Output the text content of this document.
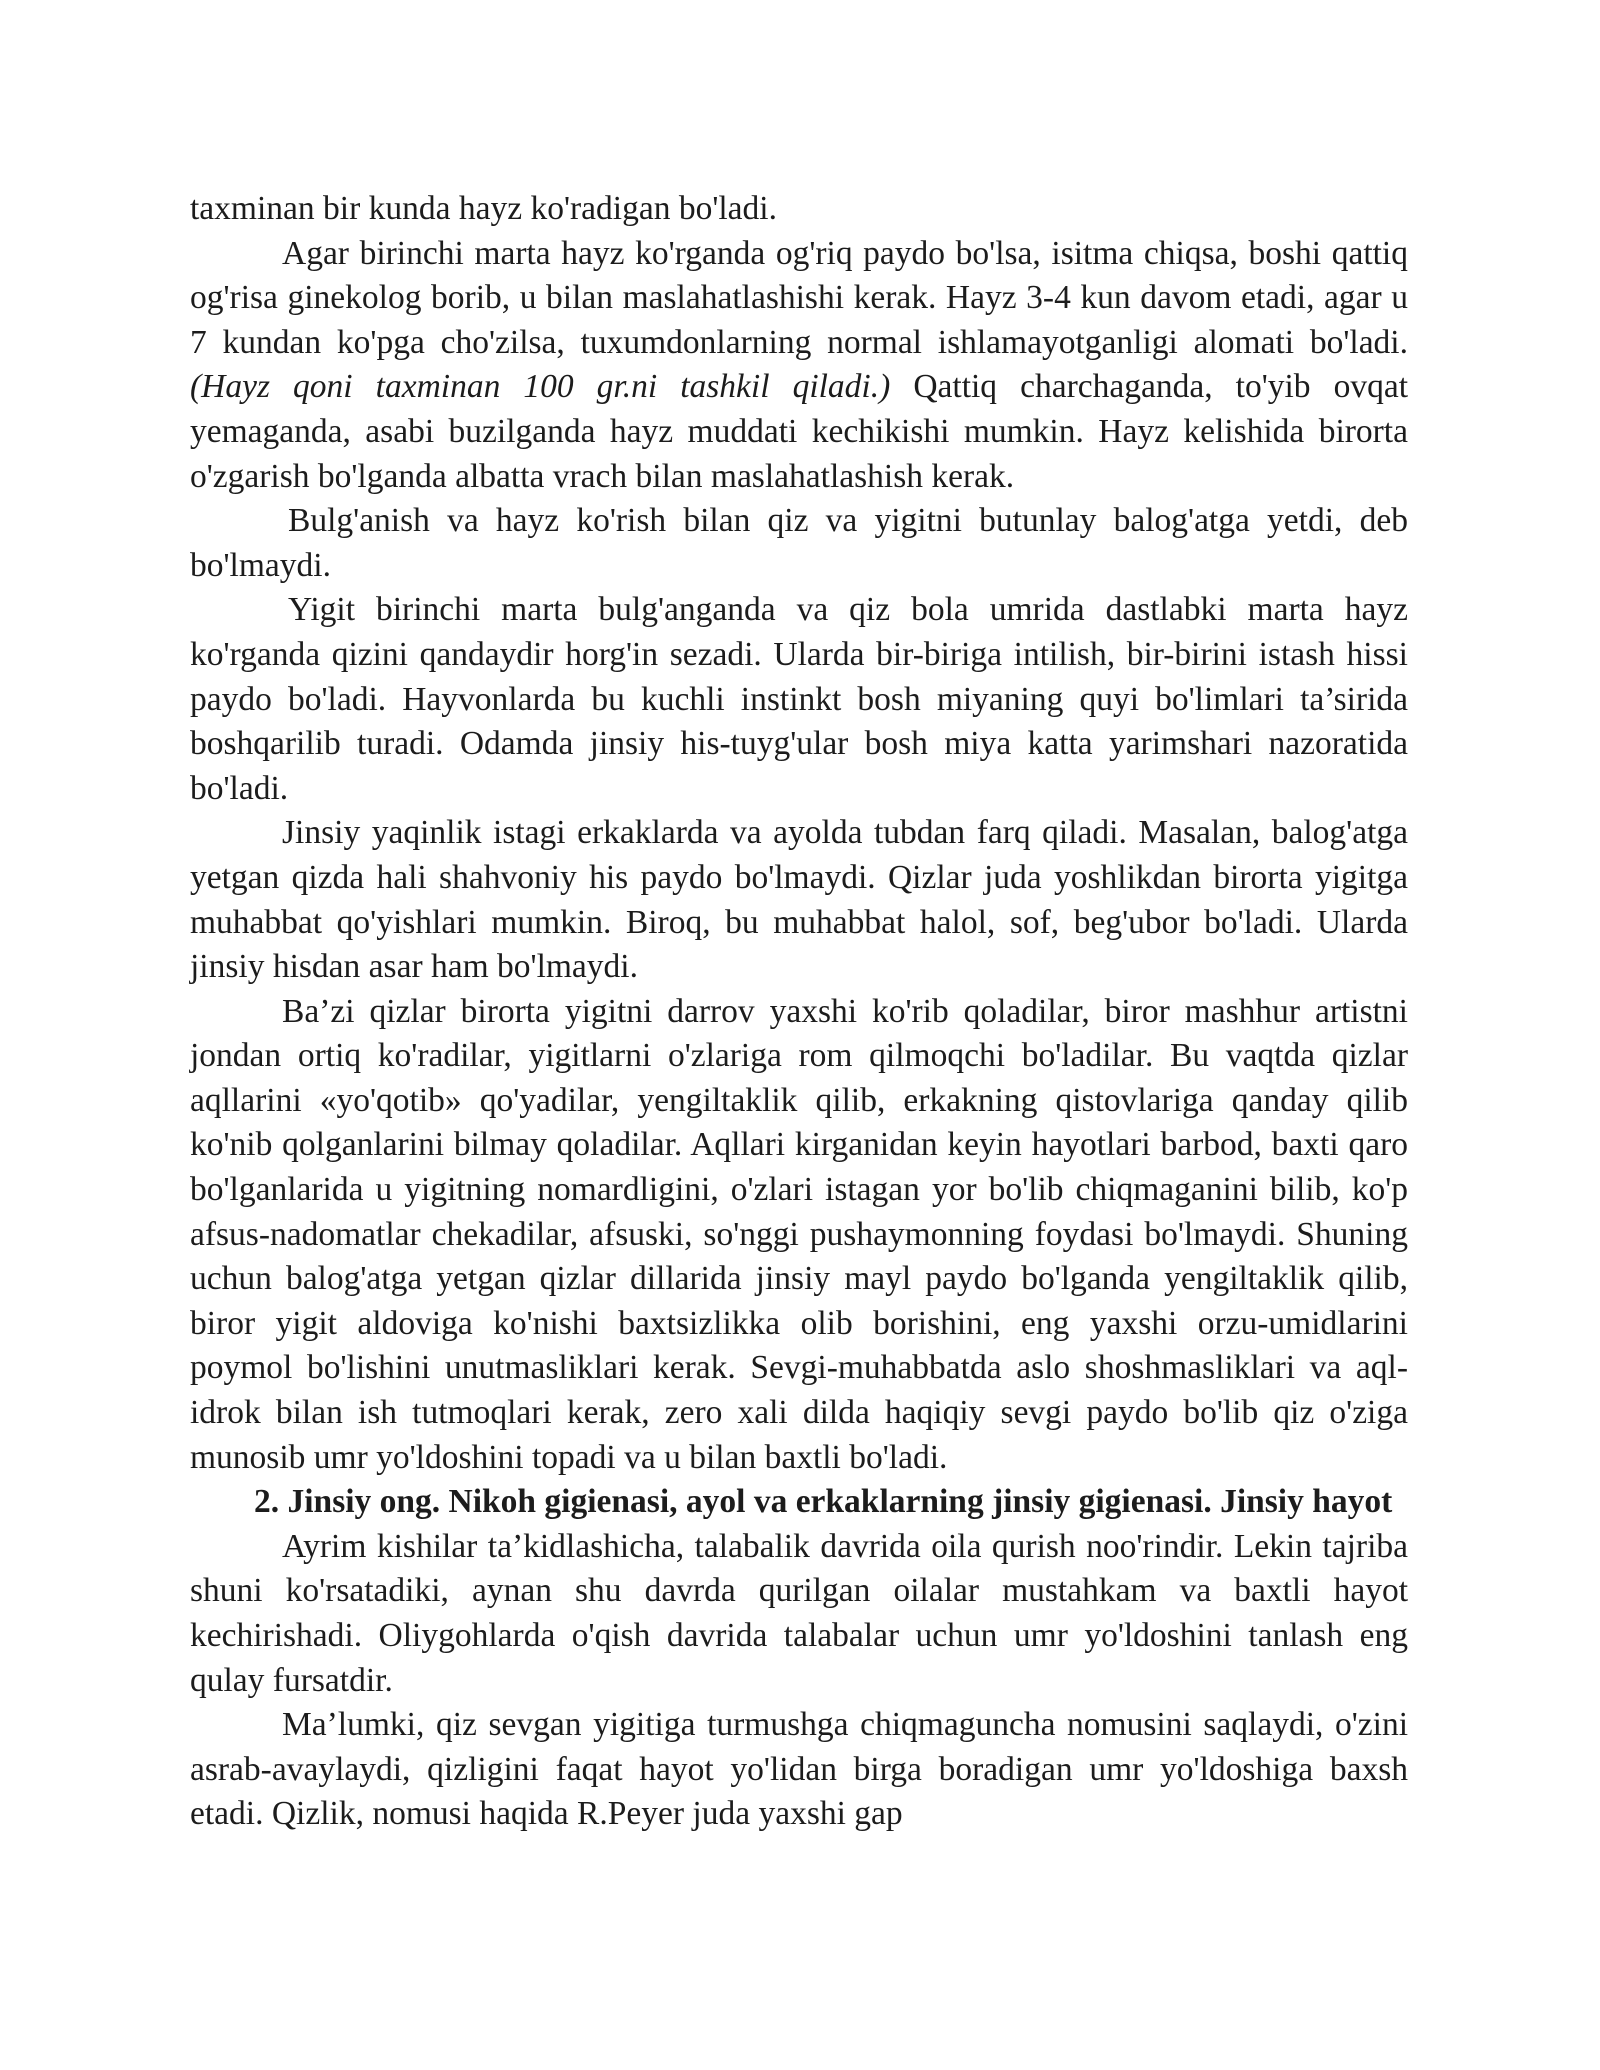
taxminan bir kunda hayz ko'radigan bo'ladi.

Agar birinchi marta hayz ko'rganda og'riq paydo bo'lsa, isitma chiqsa, boshi qattiq og'risa ginekolog borib, u bilan maslahatlashishi kerak. Hayz 3-4 kun davom etadi, agar u 7 kundan ko'pga cho'zilsa, tuxumdonlarning normal ishlamayotganligi alomati bo'ladi. (Hayz qoni taxminan 100 gr.ni tashkil qiladi.) Qattiq charchaganda, to'yib ovqat yemaganda, asabi buzilganda hayz muddati kechikishi mumkin. Hayz kelishida birorta o'zgarish bo'lganda albatta vrach bilan maslahatlashish kerak.

Bulg'anish va hayz ko'rish bilan qiz va yigitni butunlay balog'atga yetdi, deb bo'lmaydi.

Yigit birinchi marta bulg'anganda va qiz bola umrida dastlabki marta hayz ko'rganda qizini qandaydir horg'in sezadi. Ularda bir-biriga intilish, bir-birini istash hissi paydo bo'ladi. Hayvonlarda bu kuchli instinkt bosh miyaning quyi bo'limlari ta’sirida boshqarilib turadi. Odamda jinsiy his-tuyg'ular bosh miya katta yarimshari nazoratida bo'ladi.

Jinsiy yaqinlik istagi erkaklarda va ayolda tubdan farq qiladi. Masalan, balog'atga yetgan qizda hali shahvoniy his paydo bo'lmaydi. Qizlar juda yoshlikdan birorta yigitga muhabbat qo'yishlari mumkin. Biroq, bu muhabbat halol, sof, beg'ubor bo'ladi. Ularda jinsiy hisdan asar ham bo'lmaydi.

Ba’zi qizlar birorta yigitni darrov yaxshi ko'rib qoladilar, biror mashhur artistni jondan ortiq ko'radilar, yigitlarni o'zlariga rom qilmoqchi bo'ladilar. Bu vaqtda qizlar aqllarini «yo'qotib» qo'yadilar, yengiltaklik qilib, erkakning qistovlariga qanday qilib ko'nib qolganlarini bilmay qoladilar. Aqllari kirganidan keyin hayotlari barbod, baxti qaro bo'lganlarida u yigitning nomardligini, o'zlari istagan yor bo'lib chiqmaganini bilib, ko'p afsus-nadomatlar chekadilar, afsuski, so'nggi pushaymonning foydasi bo'lmaydi. Shuning uchun balog'atga yetgan qizlar dillarida jinsiy mayl paydo bo'lganda yengiltaklik qilib, biror yigit aldoviga ko'nishi baxtsizlikka olib borishini, eng yaxshi orzu-umidlarini poymol bo'lishini unutmasliklari kerak. Sevgi-muhabbatda aslo shoshmasliklari va aql-idrok bilan ish tutmoqlari kerak, zero xali dilda haqiqiy sevgi paydo bo'lib qiz o'ziga munosib umr yo'ldoshini topadi va u bilan baxtli bo'ladi.

2. Jinsiy ong. Nikoh gigienasi, ayol va erkaklarning jinsiy gigienasi. Jinsiy hayot

Ayrim kishilar ta’kidlashicha, talabalik davrida oila qurish noo'rindir. Lekin tajriba shuni ko'rsatadiki, aynan shu davrda qurilgan oilalar mustahkam va baxtli hayot kechirishadi. Oliygohlarda o'qish davrida talabalar uchun umr yo'ldoshini tanlash eng qulay fursatdir.

Ma’lumki, qiz sevgan yigitiga turmushga chiqmaguncha nomusini saqlaydi, o'zini asrab-avaylaydi, qizligini faqat hayot yo'lidan birga boradigan umr yo'ldoshiga baxsh etadi. Qizlik, nomusi haqida R.Peyer juda yaxshi gap
